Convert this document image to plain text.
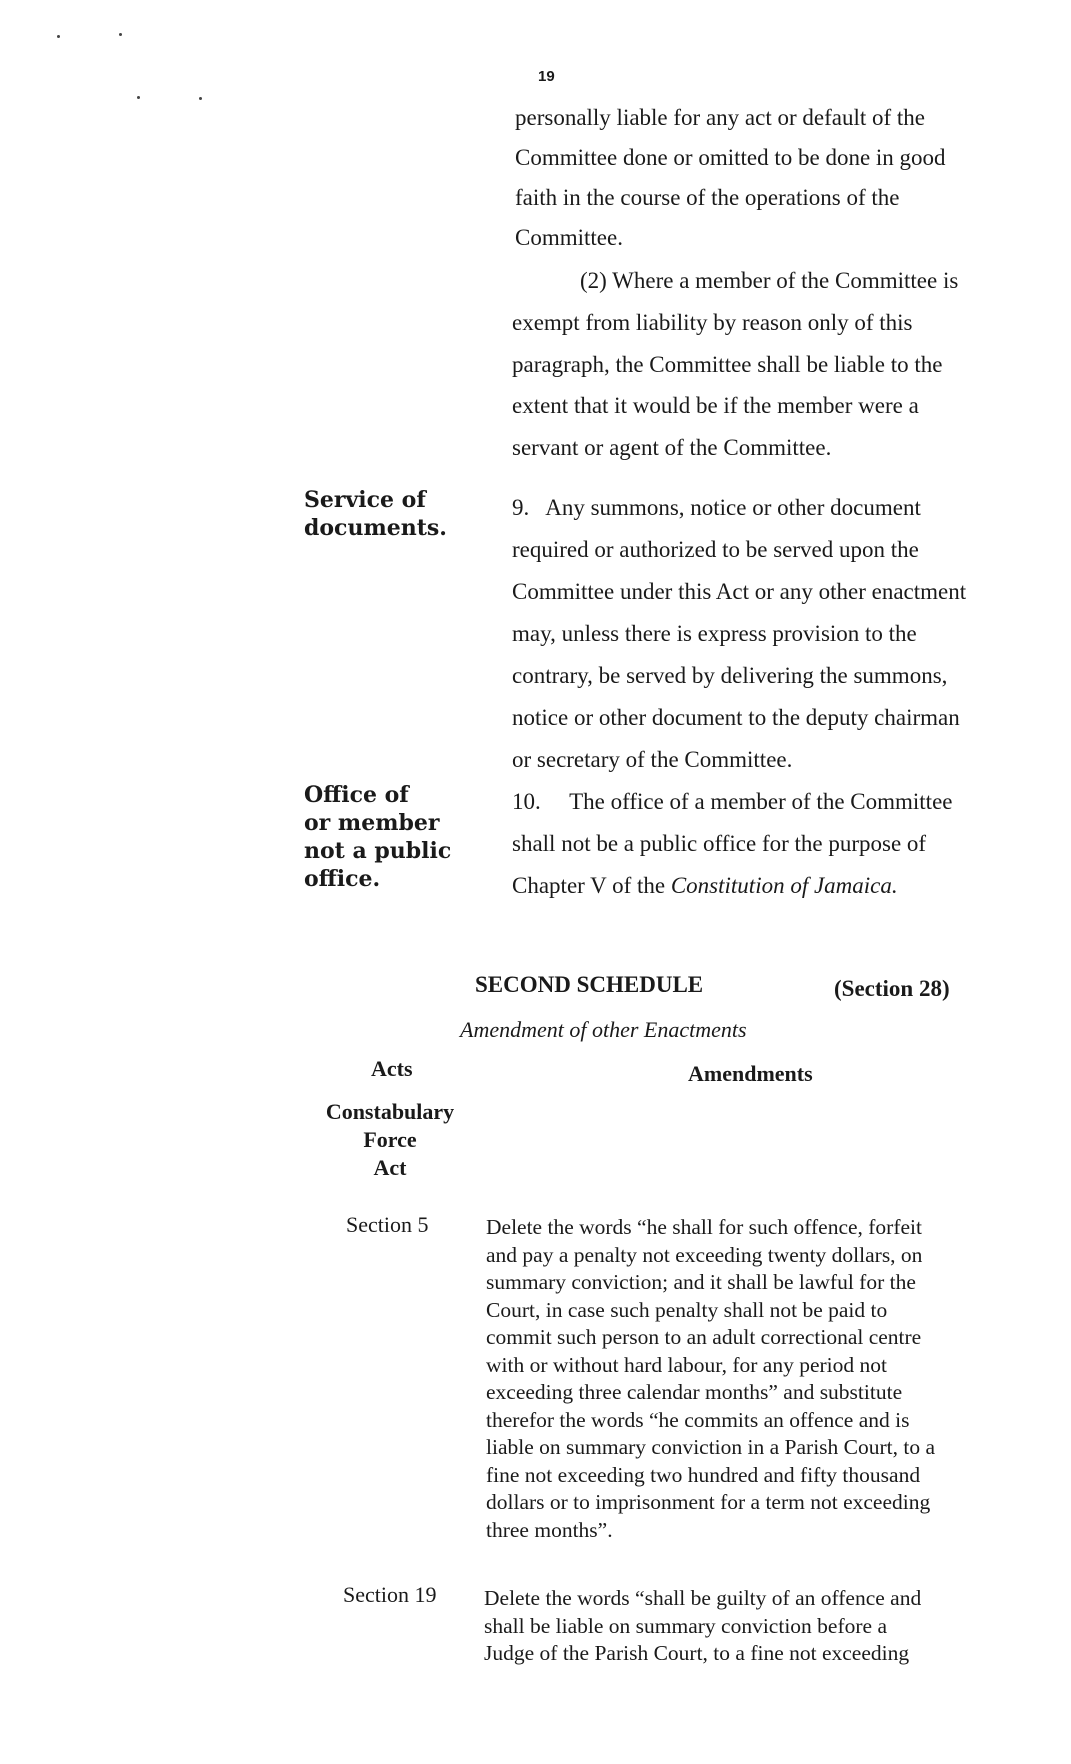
19
personally liable for any act or default of the
Committee done or omitted to be done in good
faith in the course of the operations of the
Committee.
(2) Where a member of the Committee is
exempt from liability by reason only of this
paragraph, the Committee shall be liable to the
extent that it would be if the member were a
servant or agent of the Committee.
9.   Any summons, notice or other document
required or authorized to be served upon the
Committee under this Act or any other enactment
may, unless there is express provision to the
contrary, be served by delivering the summons,
notice or other document to the deputy chairman
or secretary of the Committee.
10.     The office of a member of the Committee
shall not be a public office for the purpose of
Chapter V of the Constitution of Jamaica.
Service of
documents.
Office of
or member
not a public
office.
SECOND SCHEDULE	(Section 28)
Amendment of other Enactments
Acts	Amendments
Constabulary
Force
Act
Section 5	Delete the words “he shall for such offence, forfeit
and pay a penalty not exceeding twenty dollars, on
summary conviction; and it shall be lawful for the
Court, in case such penalty shall not be paid to
commit such person to an adult correctional centre
with or without hard labour, for any period not
exceeding three calendar months” and substitute
therefor the words “he commits an offence and is
liable on summary conviction in a Parish Court, to a
fine not exceeding two hundred and fifty thousand
dollars or to imprisonment for a term not exceeding
three months”.
Section 19 Delete the words “shall be guilty of an offence and
shall be liable on summary conviction before a
Judge of the Parish Court, to a fine not exceeding
